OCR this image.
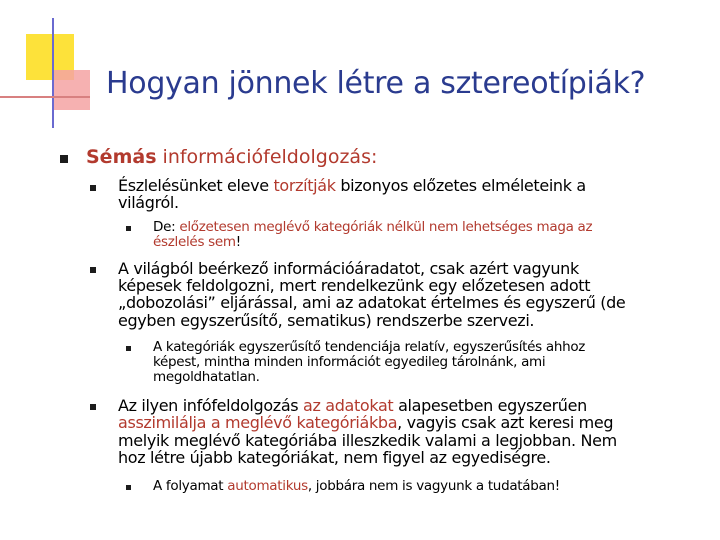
Hogyan jönnek létre a sztereotípiák?
Sémás információfeldolgozás:
Észlelésünket eleve torzítják bizonyos előzetes elméleteink a
világról.
De: előzetesen meglévő kategóriák nélkül nem lehetséges maga az
észlelés sem!
A világból beérkező információáradatot, csak azért vagyunk
képesek feldolgozni, mert rendelkezünk egy előzetesen adott
„dobozolási” eljárással, ami az adatokat értelmes és egyszerű (de
egyben egyszerűsítő, sematikus) rendszerbe szervezi.
A kategóriák egyszerűsítő tendenciája relatív, egyszerűsítés ahhoz
képest, mintha minden információt egyedileg tárolnánk, ami
megoldhatatlan.
Az ilyen infófeldolgozás az adatokat alapesetben egyszerűen
asszimilálja a meglévő kategóriákba, vagyis csak azt keresi meg
melyik meglévő kategóriába illeszkedik valami a legjobban. Nem
hoz létre újabb kategóriákat, nem figyel az egyediségre.
A folyamat automatikus, jobbára nem is vagyunk a tudatában!
